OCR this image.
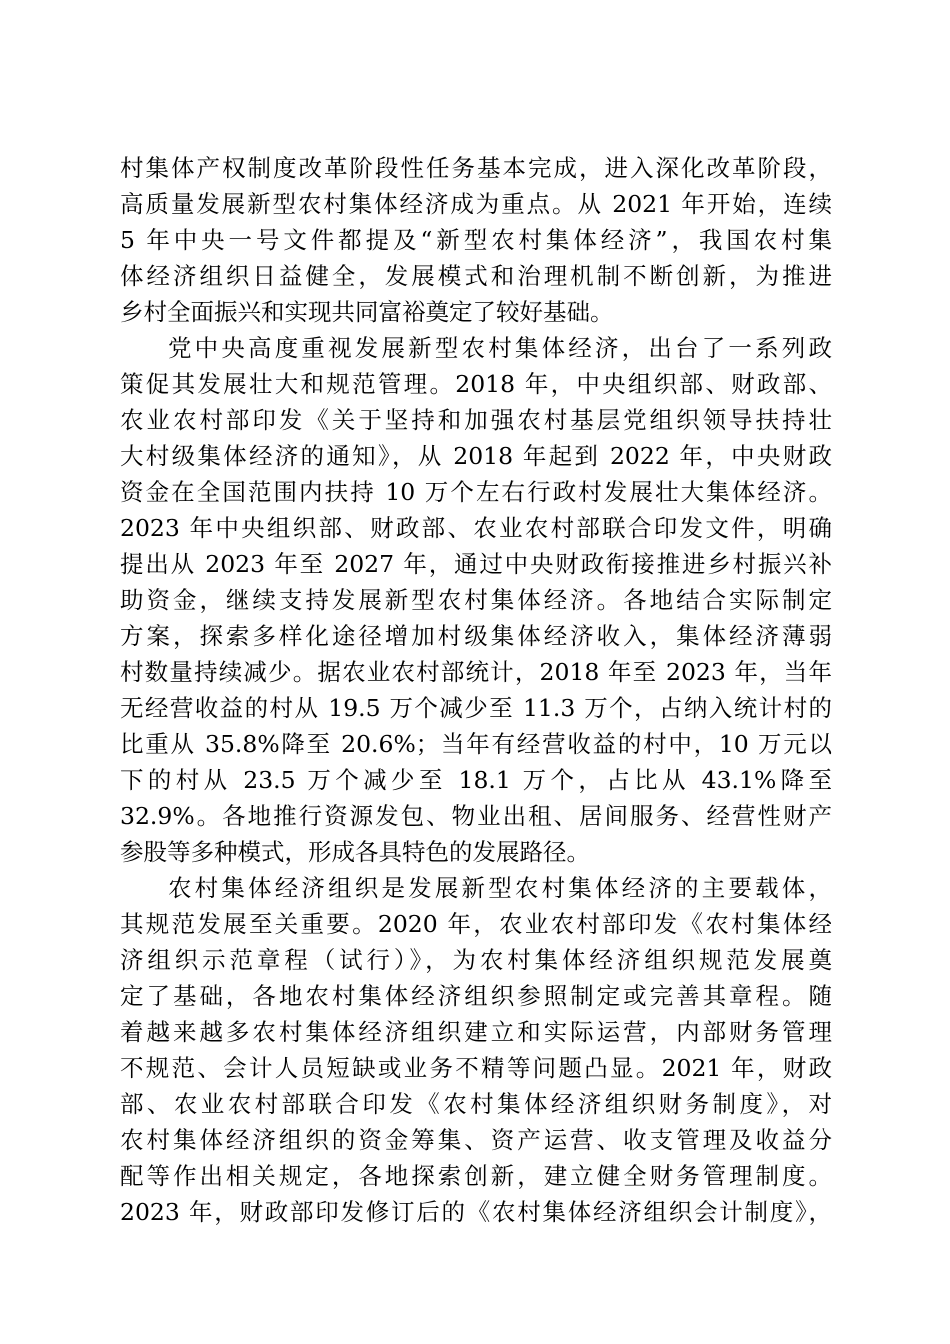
村集体产权制度改革阶段性任务基本完成，进入深化改革阶段，
高质量发展新型农村集体经济成为重点。从 2021 年开始，连续
5 年中央一号文件都提及“新型农村集体经济”，我国农村集
体经济组织日益健全，发展模式和治理机制不断创新，为推进
乡村全面振兴和实现共同富裕奠定了较好基础。
党中央高度重视发展新型农村集体经济，出台了一系列政
策促其发展壮大和规范管理。2018 年，中央组织部、财政部、
农业农村部印发《关于坚持和加强农村基层党组织领导扶持壮
大村级集体经济的通知》，从 2018 年起到 2022 年，中央财政
资金在全国范围内扶持 10 万个左右行政村发展壮大集体经济。
2023 年中央组织部、财政部、农业农村部联合印发文件，明确
提出从 2023 年至 2027 年，通过中央财政衔接推进乡村振兴补
助资金，继续支持发展新型农村集体经济。各地结合实际制定
方案，探索多样化途径增加村级集体经济收入，集体经济薄弱
村数量持续减少。据农业农村部统计，2018 年至 2023 年，当年
无经营收益的村从 19.5 万个减少至 11.3 万个，占纳入统计村的
比重从 35.8%降至 20.6%；当年有经营收益的村中，10 万元以
下的村从 23.5 万个减少至 18.1 万个，占比从 43.1%降至
32.9%。各地推行资源发包、物业出租、居间服务、经营性财产
参股等多种模式，形成各具特色的发展路径。
农村集体经济组织是发展新型农村集体经济的主要载体，
其规范发展至关重要。2020 年，农业农村部印发《农村集体经
济组织示范章程（试行）》，为农村集体经济组织规范发展奠
定了基础，各地农村集体经济组织参照制定或完善其章程。随
着越来越多农村集体经济组织建立和实际运营，内部财务管理
不规范、会计人员短缺或业务不精等问题凸显。2021 年，财政
部、农业农村部联合印发《农村集体经济组织财务制度》，对
农村集体经济组织的资金筹集、资产运营、收支管理及收益分
配等作出相关规定，各地探索创新，建立健全财务管理制度。
2023 年，财政部印发修订后的《农村集体经济组织会计制度》，
